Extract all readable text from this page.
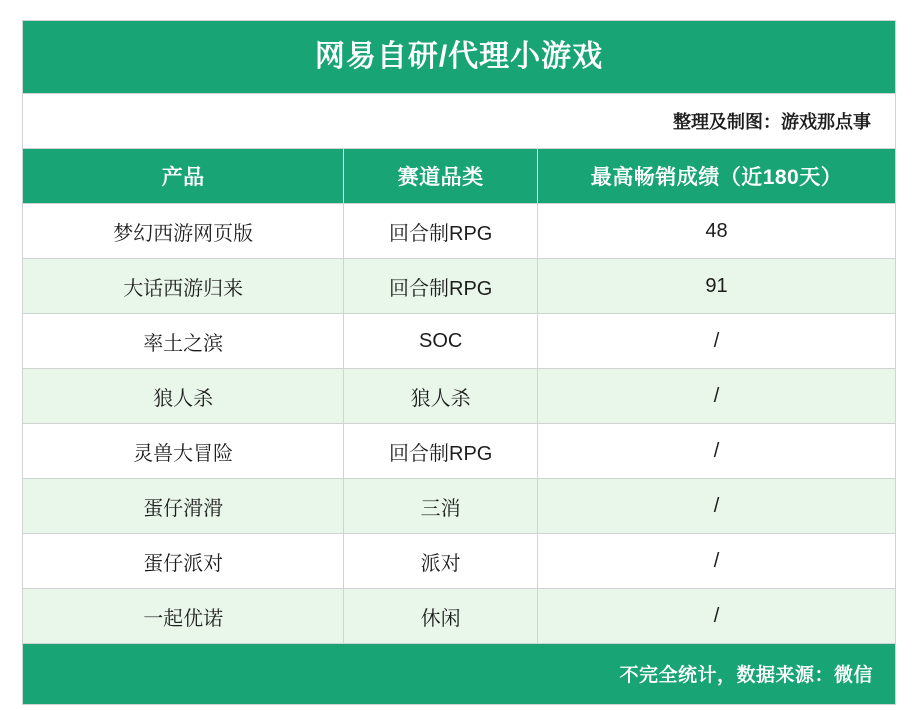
网易自研/代理小游戏
整理及制图：游戏那点事
产品	赛道品类	最高畅销成绩（近180天）
梦幻西游网页版	回合制RPG	48
大话西游归来	回合制RPG	91
率土之滨	SOC	/
狼人杀	狼人杀	/
灵兽大冒险	回合制RPG	/
蛋仔滑滑	三消	/
蛋仔派对	派对	/
一起优诺	休闲	/
不完全统计，数据来源：微信
